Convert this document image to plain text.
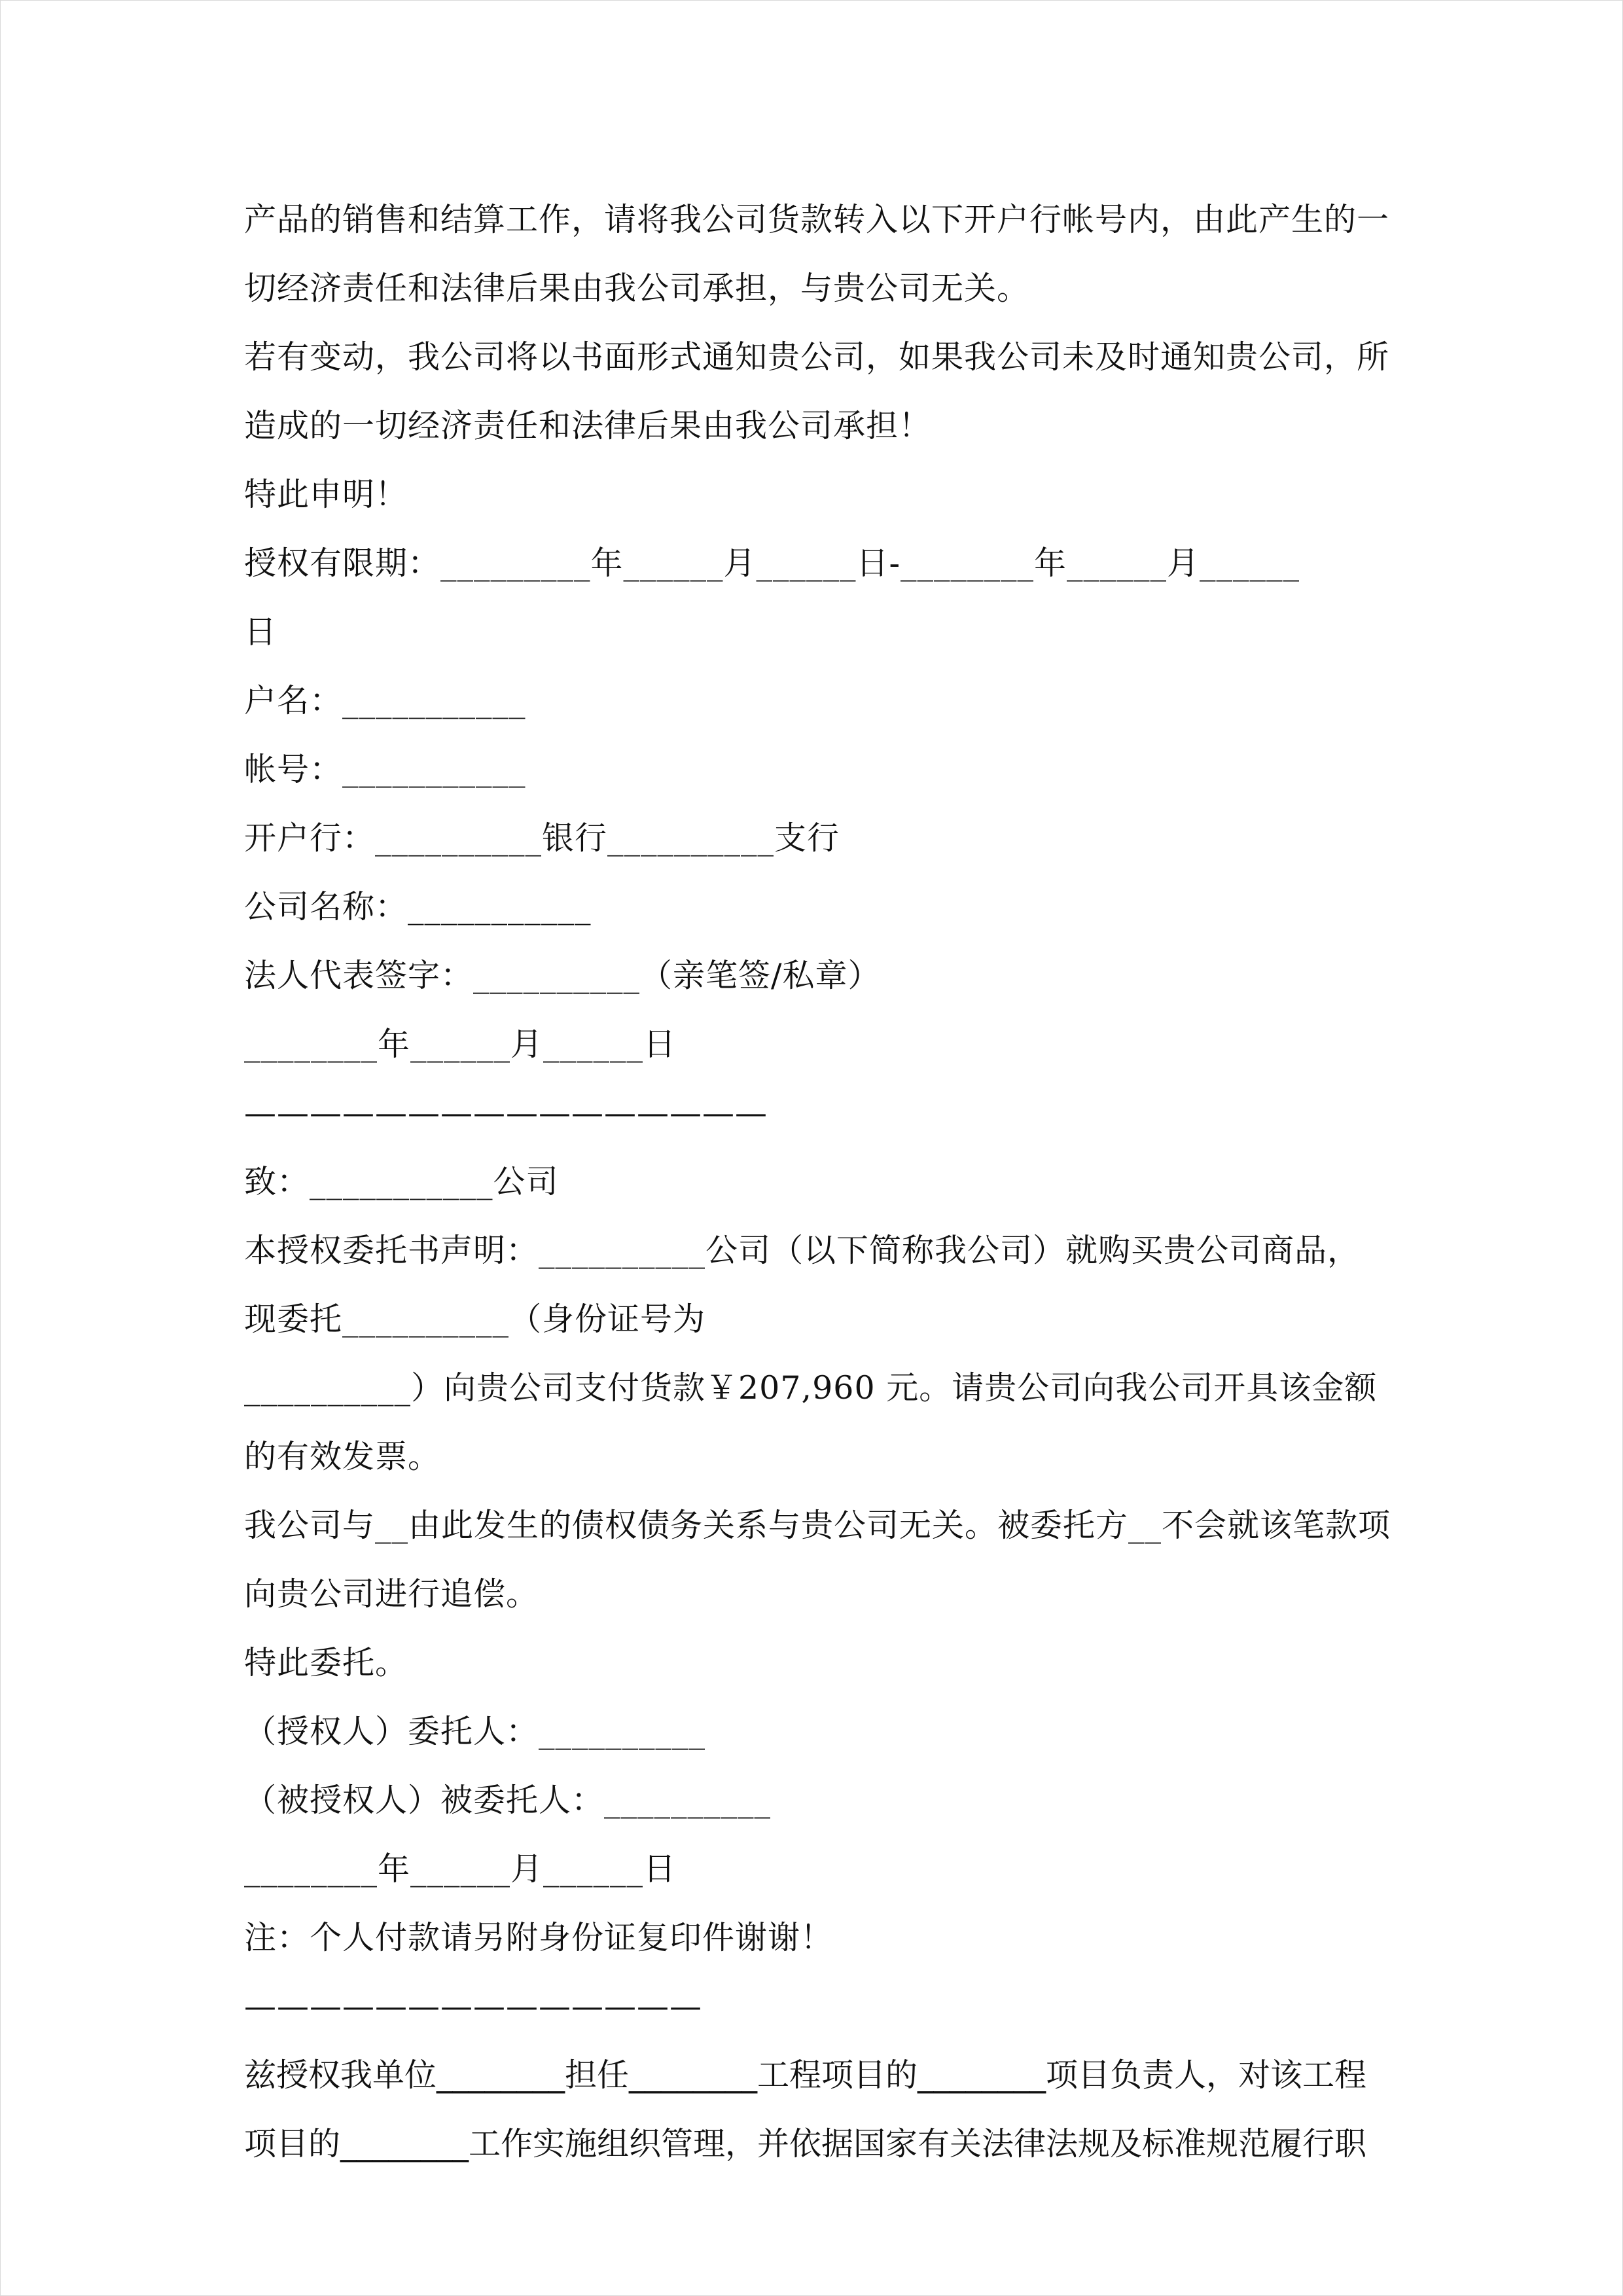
产品的销售和结算工作，请将我公司货款转入以下开户行帐号内，由此产生的一
切经济责任和法律后果由我公司承担，与贵公司无关。
若有变动，我公司将以书面形式通知贵公司，如果我公司未及时通知贵公司，所
造成的一切经济责任和法律后果由我公司承担！
特此申明！
授权有限期：_________年______月______日-________年______月______
日
户名：___________
帐号：___________
开户行：__________银行__________支行
公司名称：___________
法人代表签字：__________（亲笔签/私章）
________年______月______日
————————————————
致：___________公司
本授权委托书声明：__________公司（以下简称我公司）就购买贵公司商品，
现委托__________（身份证号为
__________）向贵公司支付货款￥207,960 元。请贵公司向我公司开具该金额
的有效发票。
我公司与__由此发生的债权债务关系与贵公司无关。被委托方__不会就该笔款项
向贵公司进行追偿。
特此委托。
（授权人）委托人：__________
（被授权人）被委托人：__________
________年______月______日
注：个人付款请另附身份证复印件谢谢！
——————————————
兹授权我单位________担任________工程项目的________项目负责人，对该工程
项目的________工作实施组织管理，并依据国家有关法律法规及标准规范履行职
